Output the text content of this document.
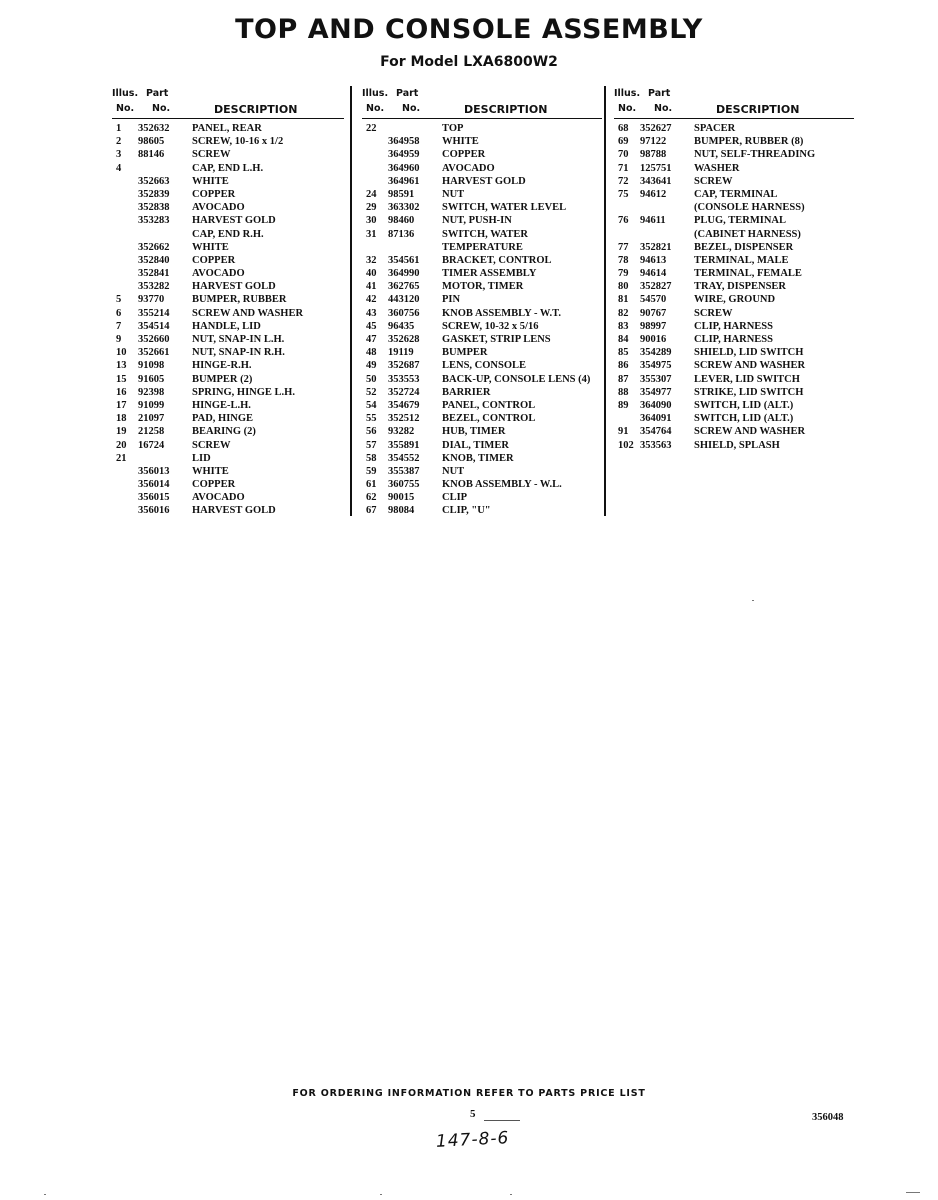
TOP AND CONSOLE ASSEMBLY
For Model LXA6800W2
Illus. Part
No. No.	DESCRIPTION
1	352632	PANEL, REAR
2	98605	SCREW, 10-16 x 1/2
3	88146	SCREW
4	CAP, END L.H.
352663	WHITE
352839	COPPER
352838	AVOCADO
353283	HARVEST GOLD
CAP, END R.H.
352662	WHITE
352840	COPPER
352841	AVOCADO
353282	HARVEST GOLD
5	93770	BUMPER, RUBBER
6	355214	SCREW AND WASHER
7	354514	HANDLE, LID
9	352660	NUT, SNAP-IN L.H.
10	352661	NUT, SNAP-IN R.H.
13	91098	HINGE-R.H.
15	91605	BUMPER (2)
16	92398	SPRING, HINGE L.H.
17	91099	HINGE-L.H.
18	21097	PAD, HINGE
19	21258	BEARING (2)
20	16724	SCREW
21	LID
356013	WHITE
356014	COPPER
356015	AVOCADO
356016	HARVEST GOLD
Illus. Part
No. No.	DESCRIPTION
22	TOP
364958	WHITE
364959	COPPER
364960	AVOCADO
364961	HARVEST GOLD
24	98591	NUT
29	363302	SWITCH, WATER LEVEL
30	98460	NUT, PUSH-IN
31	87136	SWITCH, WATER
TEMPERATURE
32	354561	BRACKET, CONTROL
40	364990	TIMER ASSEMBLY
41	362765	MOTOR, TIMER
42	443120	PIN
43	360756	KNOB ASSEMBLY - W.T.
45	96435	SCREW, 10-32 x 5/16
47	352628	GASKET, STRIP LENS
48	19119	BUMPER
49	352687	LENS, CONSOLE
50	353553	BACK-UP, CONSOLE LENS (4)
52	352724	BARRIER
54	354679	PANEL, CONTROL
55	352512	BEZEL, CONTROL
56	93282	HUB, TIMER
57	355891	DIAL, TIMER
58	354552	KNOB, TIMER
59	355387	NUT
61	360755	KNOB ASSEMBLY - W.L.
62	90015	CLIP
67	98084	CLIP, "U"
Illus. Part
No. No.	DESCRIPTION
68	352627	SPACER
69	97122	BUMPER, RUBBER (8)
70	98788	NUT, SELF-THREADING
71	125751	WASHER
72	343641	SCREW
75	94612	CAP, TERMINAL
(CONSOLE HARNESS)
76	94611	PLUG, TERMINAL
(CABINET HARNESS)
77	352821	BEZEL, DISPENSER
78	94613	TERMINAL, MALE
79	94614	TERMINAL, FEMALE
80	352827	TRAY, DISPENSER
81	54570	WIRE, GROUND
82	90767	SCREW
83	98997	CLIP, HARNESS
84	90016	CLIP, HARNESS
85	354289	SHIELD, LID SWITCH
86	354975	SCREW AND WASHER
87	355307	LEVER, LID SWITCH
88	354977	STRIKE, LID SWITCH
89	364090	SWITCH, LID (ALT.)
364091	SWITCH, LID (ALT.)
91	354764	SCREW AND WASHER
102 353563	SHIELD, SPLASH
FOR ORDERING INFORMATION REFER TO PARTS PRICE LIST
5	356048
147-8-6
